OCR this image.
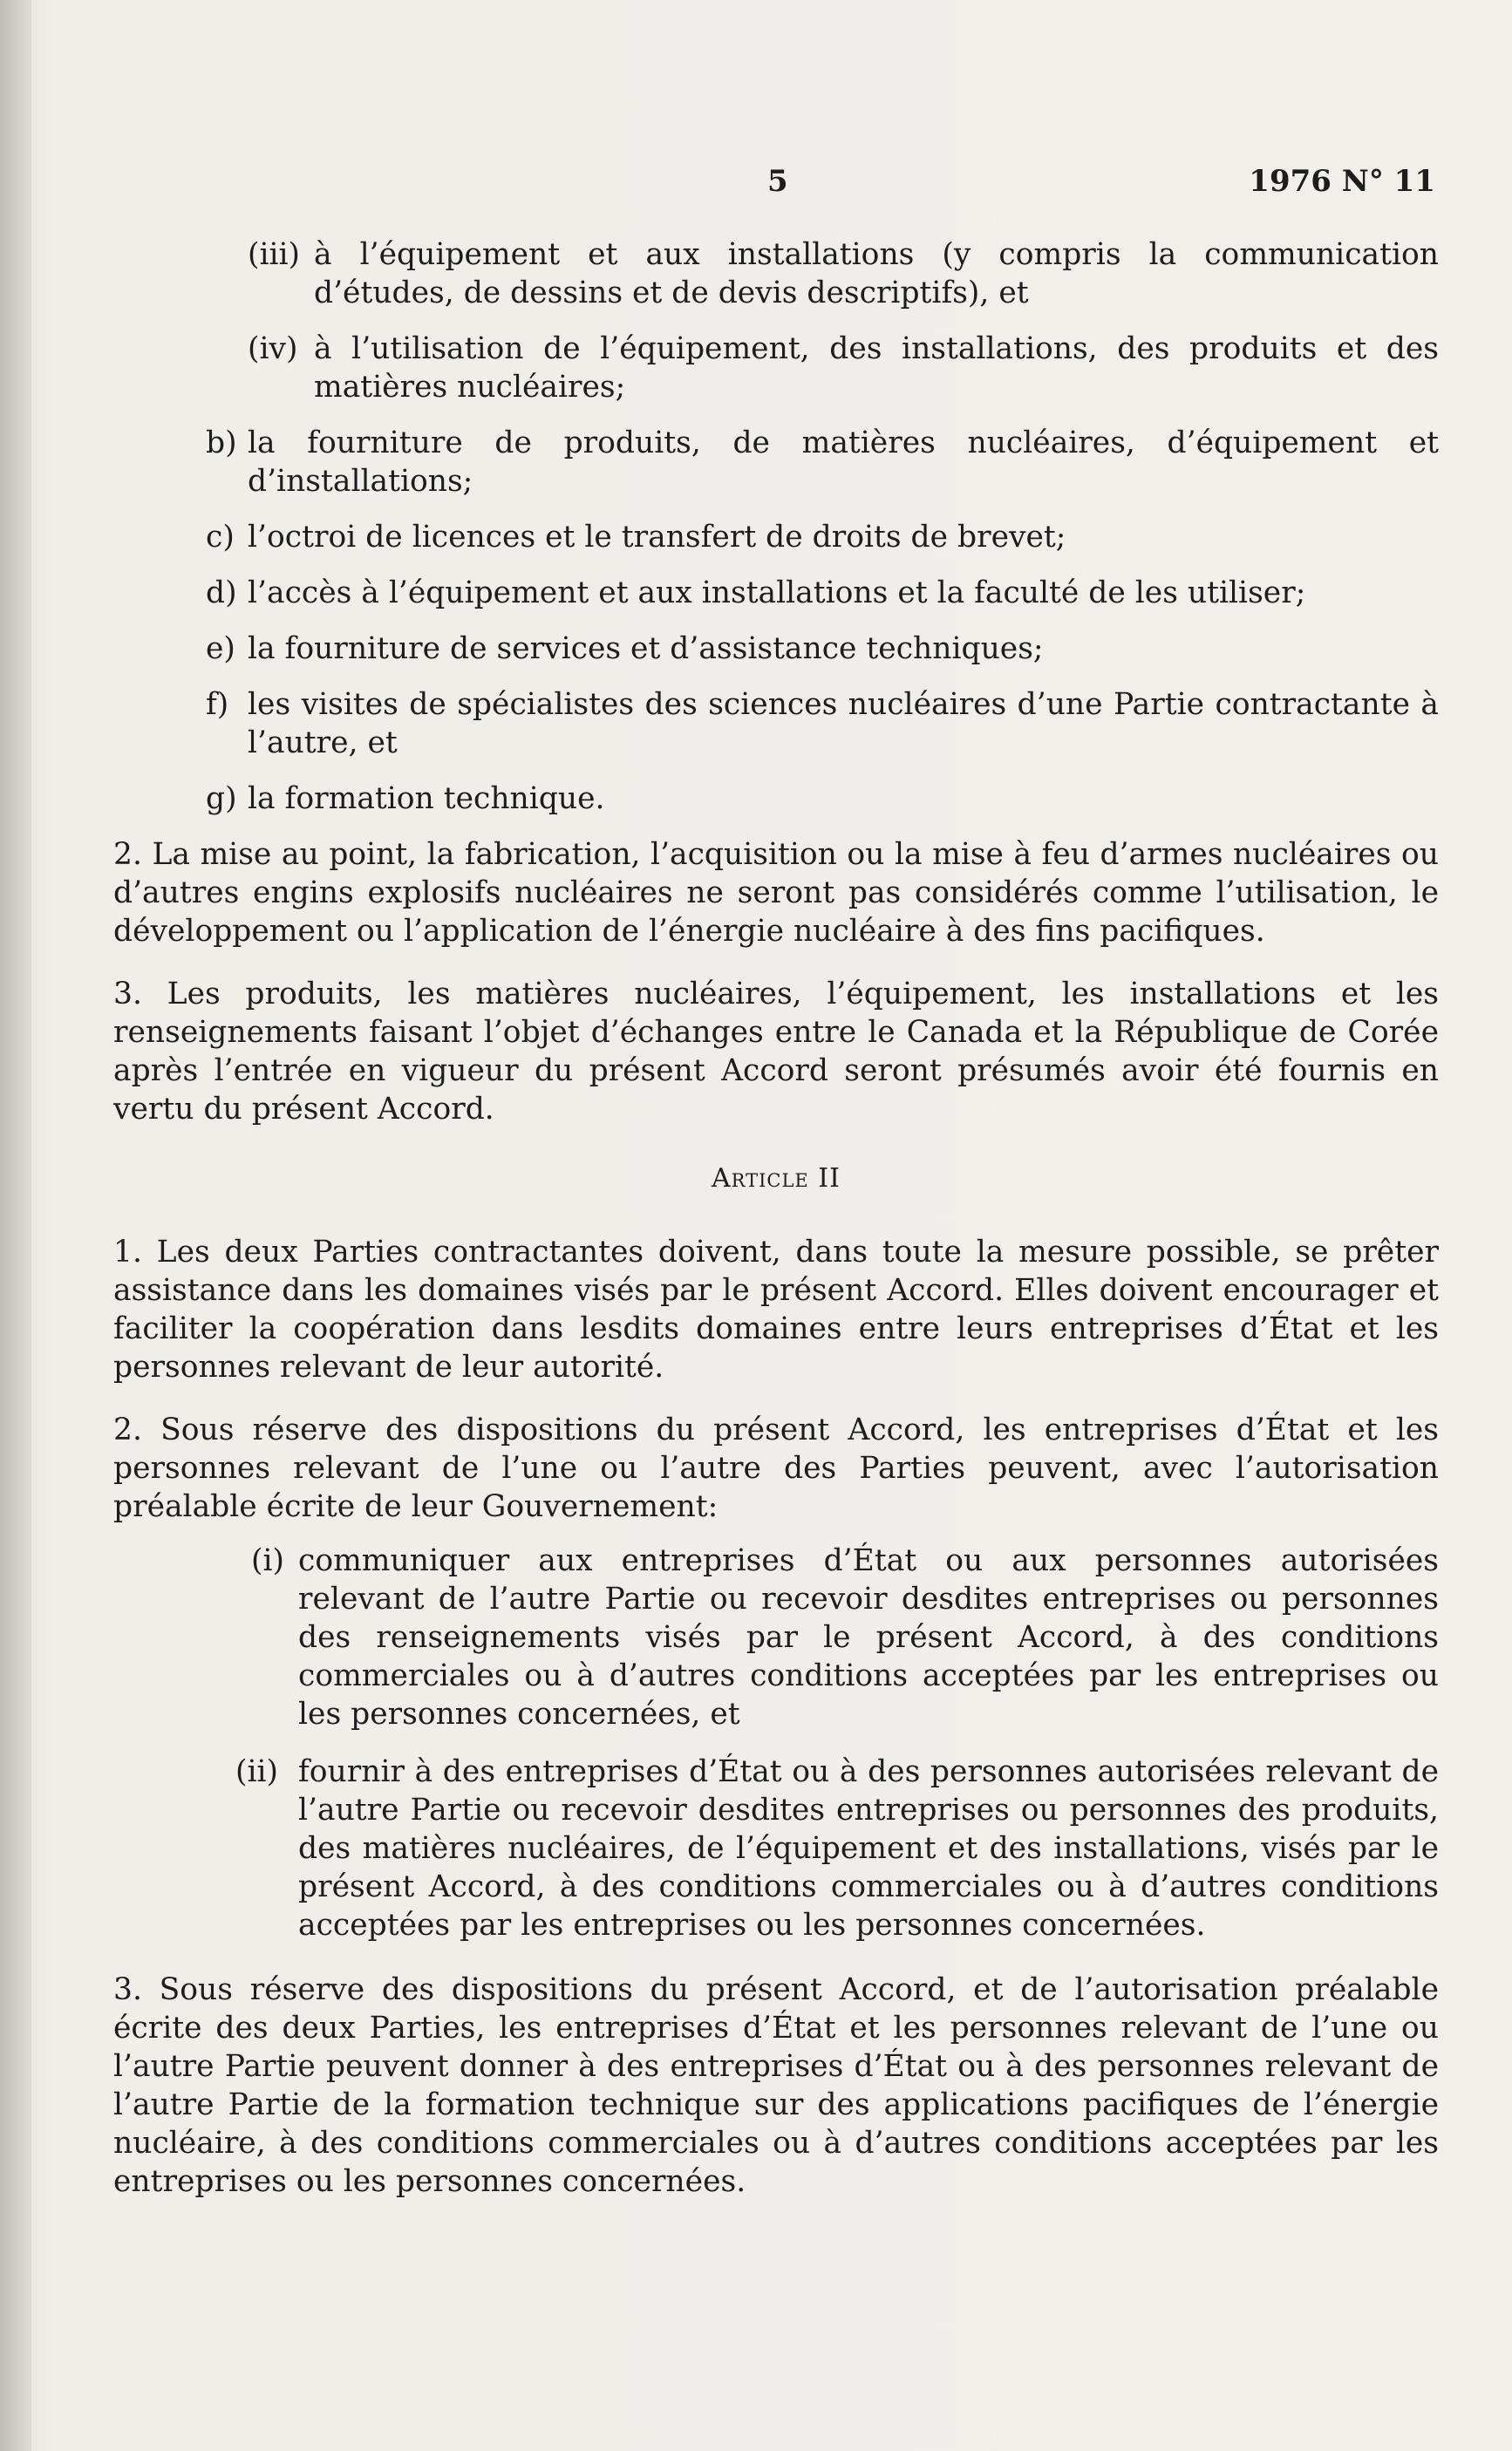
5	1976 N° 11
(iii) à l’équipement et aux installations (y compris la communication d’études, de dessins et de devis descriptifs), et
(iv) à l’utilisation de l’équipement, des installations, des produits et des matières nucléaires;
b) la fourniture de produits, de matières nucléaires, d’équipement et d’installations;
c) l’octroi de licences et le transfert de droits de brevet;
d) l’accès à l’équipement et aux installations et la faculté de les utiliser;
e) la fourniture de services et d’assistance techniques;
f) les visites de spécialistes des sciences nucléaires d’une Partie contractante à l’autre, et
g) la formation technique.

2. La mise au point, la fabrication, l’acquisition ou la mise à feu d’armes nucléaires ou d’autres engins explosifs nucléaires ne seront pas considérés comme l’utilisation, le développement ou l’application de l’énergie nucléaire à des fins pacifiques.

3. Les produits, les matières nucléaires, l’équipement, les installations et les renseignements faisant l’objet d’échanges entre le Canada et la République de Corée après l’entrée en vigueur du présent Accord seront présumés avoir été fournis en vertu du présent Accord.

Article II

1. Les deux Parties contractantes doivent, dans toute la mesure possible, se prêter assistance dans les domaines visés par le présent Accord. Elles doivent encourager et faciliter la coopération dans lesdits domaines entre leurs entreprises d’État et les personnes relevant de leur autorité.

2. Sous réserve des dispositions du présent Accord, les entreprises d’État et les personnes relevant de l’une ou l’autre des Parties peuvent, avec l’autorisation préalable écrite de leur Gouvernement:

(i) communiquer aux entreprises d’État ou aux personnes autorisées relevant de l’autre Partie ou recevoir desdites entreprises ou personnes des renseignements visés par le présent Accord, à des conditions commerciales ou à d’autres conditions acceptées par les entreprises ou les personnes concernées, et
(ii) fournir à des entreprises d’État ou à des personnes autorisées relevant de l’autre Partie ou recevoir desdites entreprises ou personnes des produits, des matières nucléaires, de l’équipement et des installations, visés par le présent Accord, à des conditions commerciales ou à d’autres conditions acceptées par les entreprises ou les personnes concernées.

3. Sous réserve des dispositions du présent Accord, et de l’autorisation préalable écrite des deux Parties, les entreprises d’État et les personnes relevant de l’une ou l’autre Partie peuvent donner à des entreprises d’État ou à des personnes relevant de l’autre Partie de la formation technique sur des applications pacifiques de l’énergie nucléaire, à des conditions commerciales ou à d’autres conditions acceptées par les entreprises ou les personnes concernées.
